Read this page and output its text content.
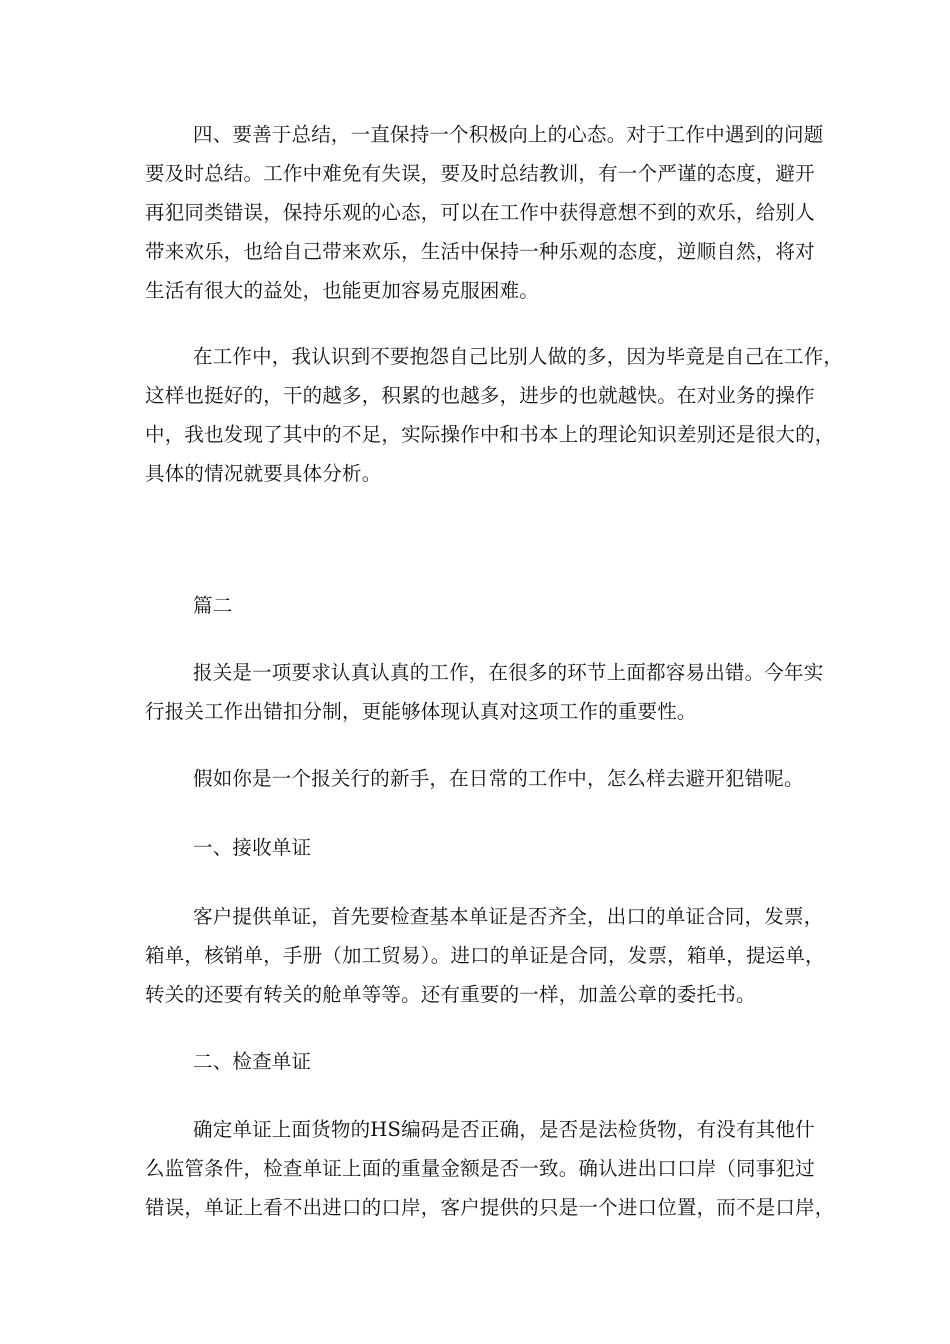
四、要善于总结，一直保持一个积极向上的心态。对于工作中遇到的问题
要及时总结。工作中难免有失误，要及时总结教训，有一个严谨的态度，避开
再犯同类错误，保持乐观的心态，可以在工作中获得意想不到的欢乐，给别人
带来欢乐，也给自己带来欢乐，生活中保持一种乐观的态度，逆顺自然，将对
生活有很大的益处，也能更加容易克服困难。
在工作中，我认识到不要抱怨自己比别人做的多，因为毕竟是自己在工作，
这样也挺好的，干的越多，积累的也越多，进步的也就越快。在对业务的操作
中，我也发现了其中的不足，实际操作中和书本上的理论知识差别还是很大的，
具体的情况就要具体分析。
篇二
报关是一项要求认真认真的工作，在很多的环节上面都容易出错。今年实
行报关工作出错扣分制，更能够体现认真对这项工作的重要性。
假如你是一个报关行的新手，在日常的工作中，怎么样去避开犯错呢。
一、接收单证
客户提供单证，首先要检查基本单证是否齐全，出口的单证合同，发票，
箱单，核销单，手册（加工贸易）。进口的单证是合同，发票，箱单，提运单，
转关的还要有转关的舱单等等。还有重要的一样，加盖公章的委托书。
二、检查单证
确定单证上面货物的HS编码是否正确，是否是法检货物，有没有其他什
么监管条件，检查单证上面的重量金额是否一致。确认进出口口岸（同事犯过
错误，单证上看不出进口的口岸，客户提供的只是一个进口位置，而不是口岸，
